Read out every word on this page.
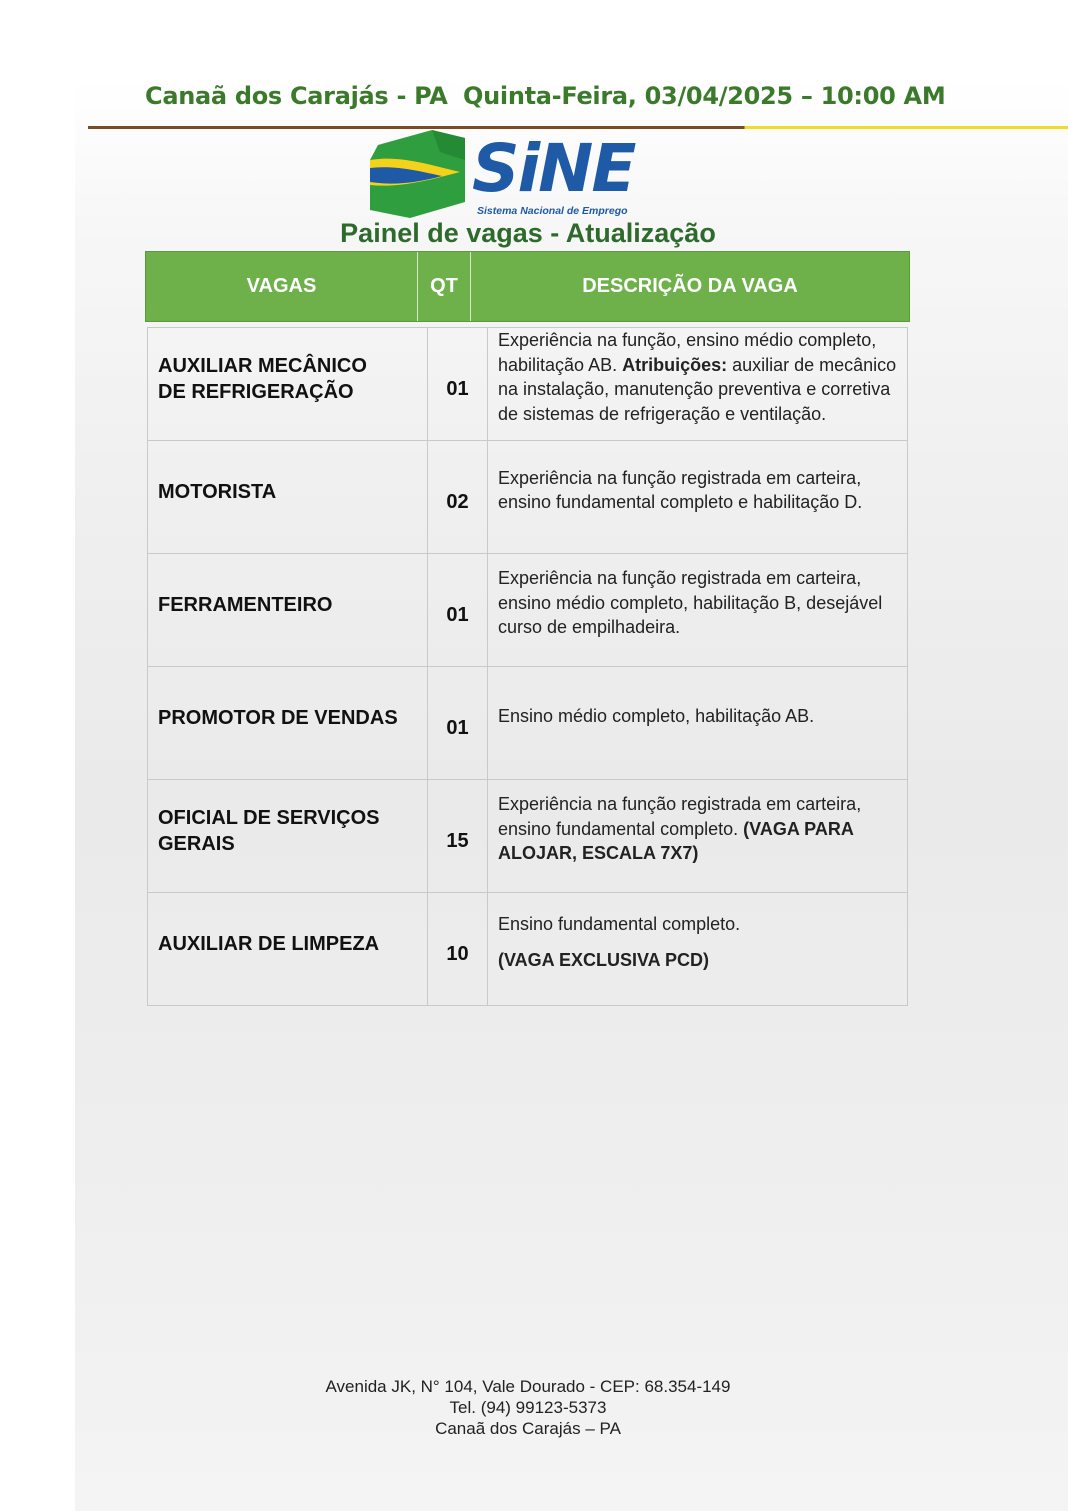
Canaã dos Carajás - PA Quinta-Feira, 03/04/2025 – 10:00 AM
SiNE
Sistema Nacional de Emprego
Painel de vagas - Atualização
VAGAS	QT	DESCRIÇÃO DA VAGA
AUXILIAR MECÂNICO
DE REFRIGERAÇÃO	01	Experiência na função, ensino médio completo, habilitação AB. Atribuições: auxiliar de mecânico na instalação, manutenção preventiva e corretiva de sistemas de refrigeração e ventilação.

MOTORISTA	02	Experiência na função registrada em carteira, ensino fundamental completo e habilitação D.

FERRAMENTEIRO	01	Experiência na função registrada em carteira, ensino médio completo, habilitação B, desejável curso de empilhadeira.

PROMOTOR DE VENDAS	01	Ensino médio completo, habilitação AB.

OFICIAL DE SERVIÇOS
GERAIS	15	Experiência na função registrada em carteira, ensino fundamental completo. (VAGA PARA ALOJAR, ESCALA 7X7)

AUXILIAR DE LIMPEZA	10	Ensino fundamental completo.
(VAGA EXCLUSIVA PCD)
Avenida JK, N° 104, Vale Dourado - CEP: 68.354-149
Tel. (94) 99123-5373
Canaã dos Carajás – PA
